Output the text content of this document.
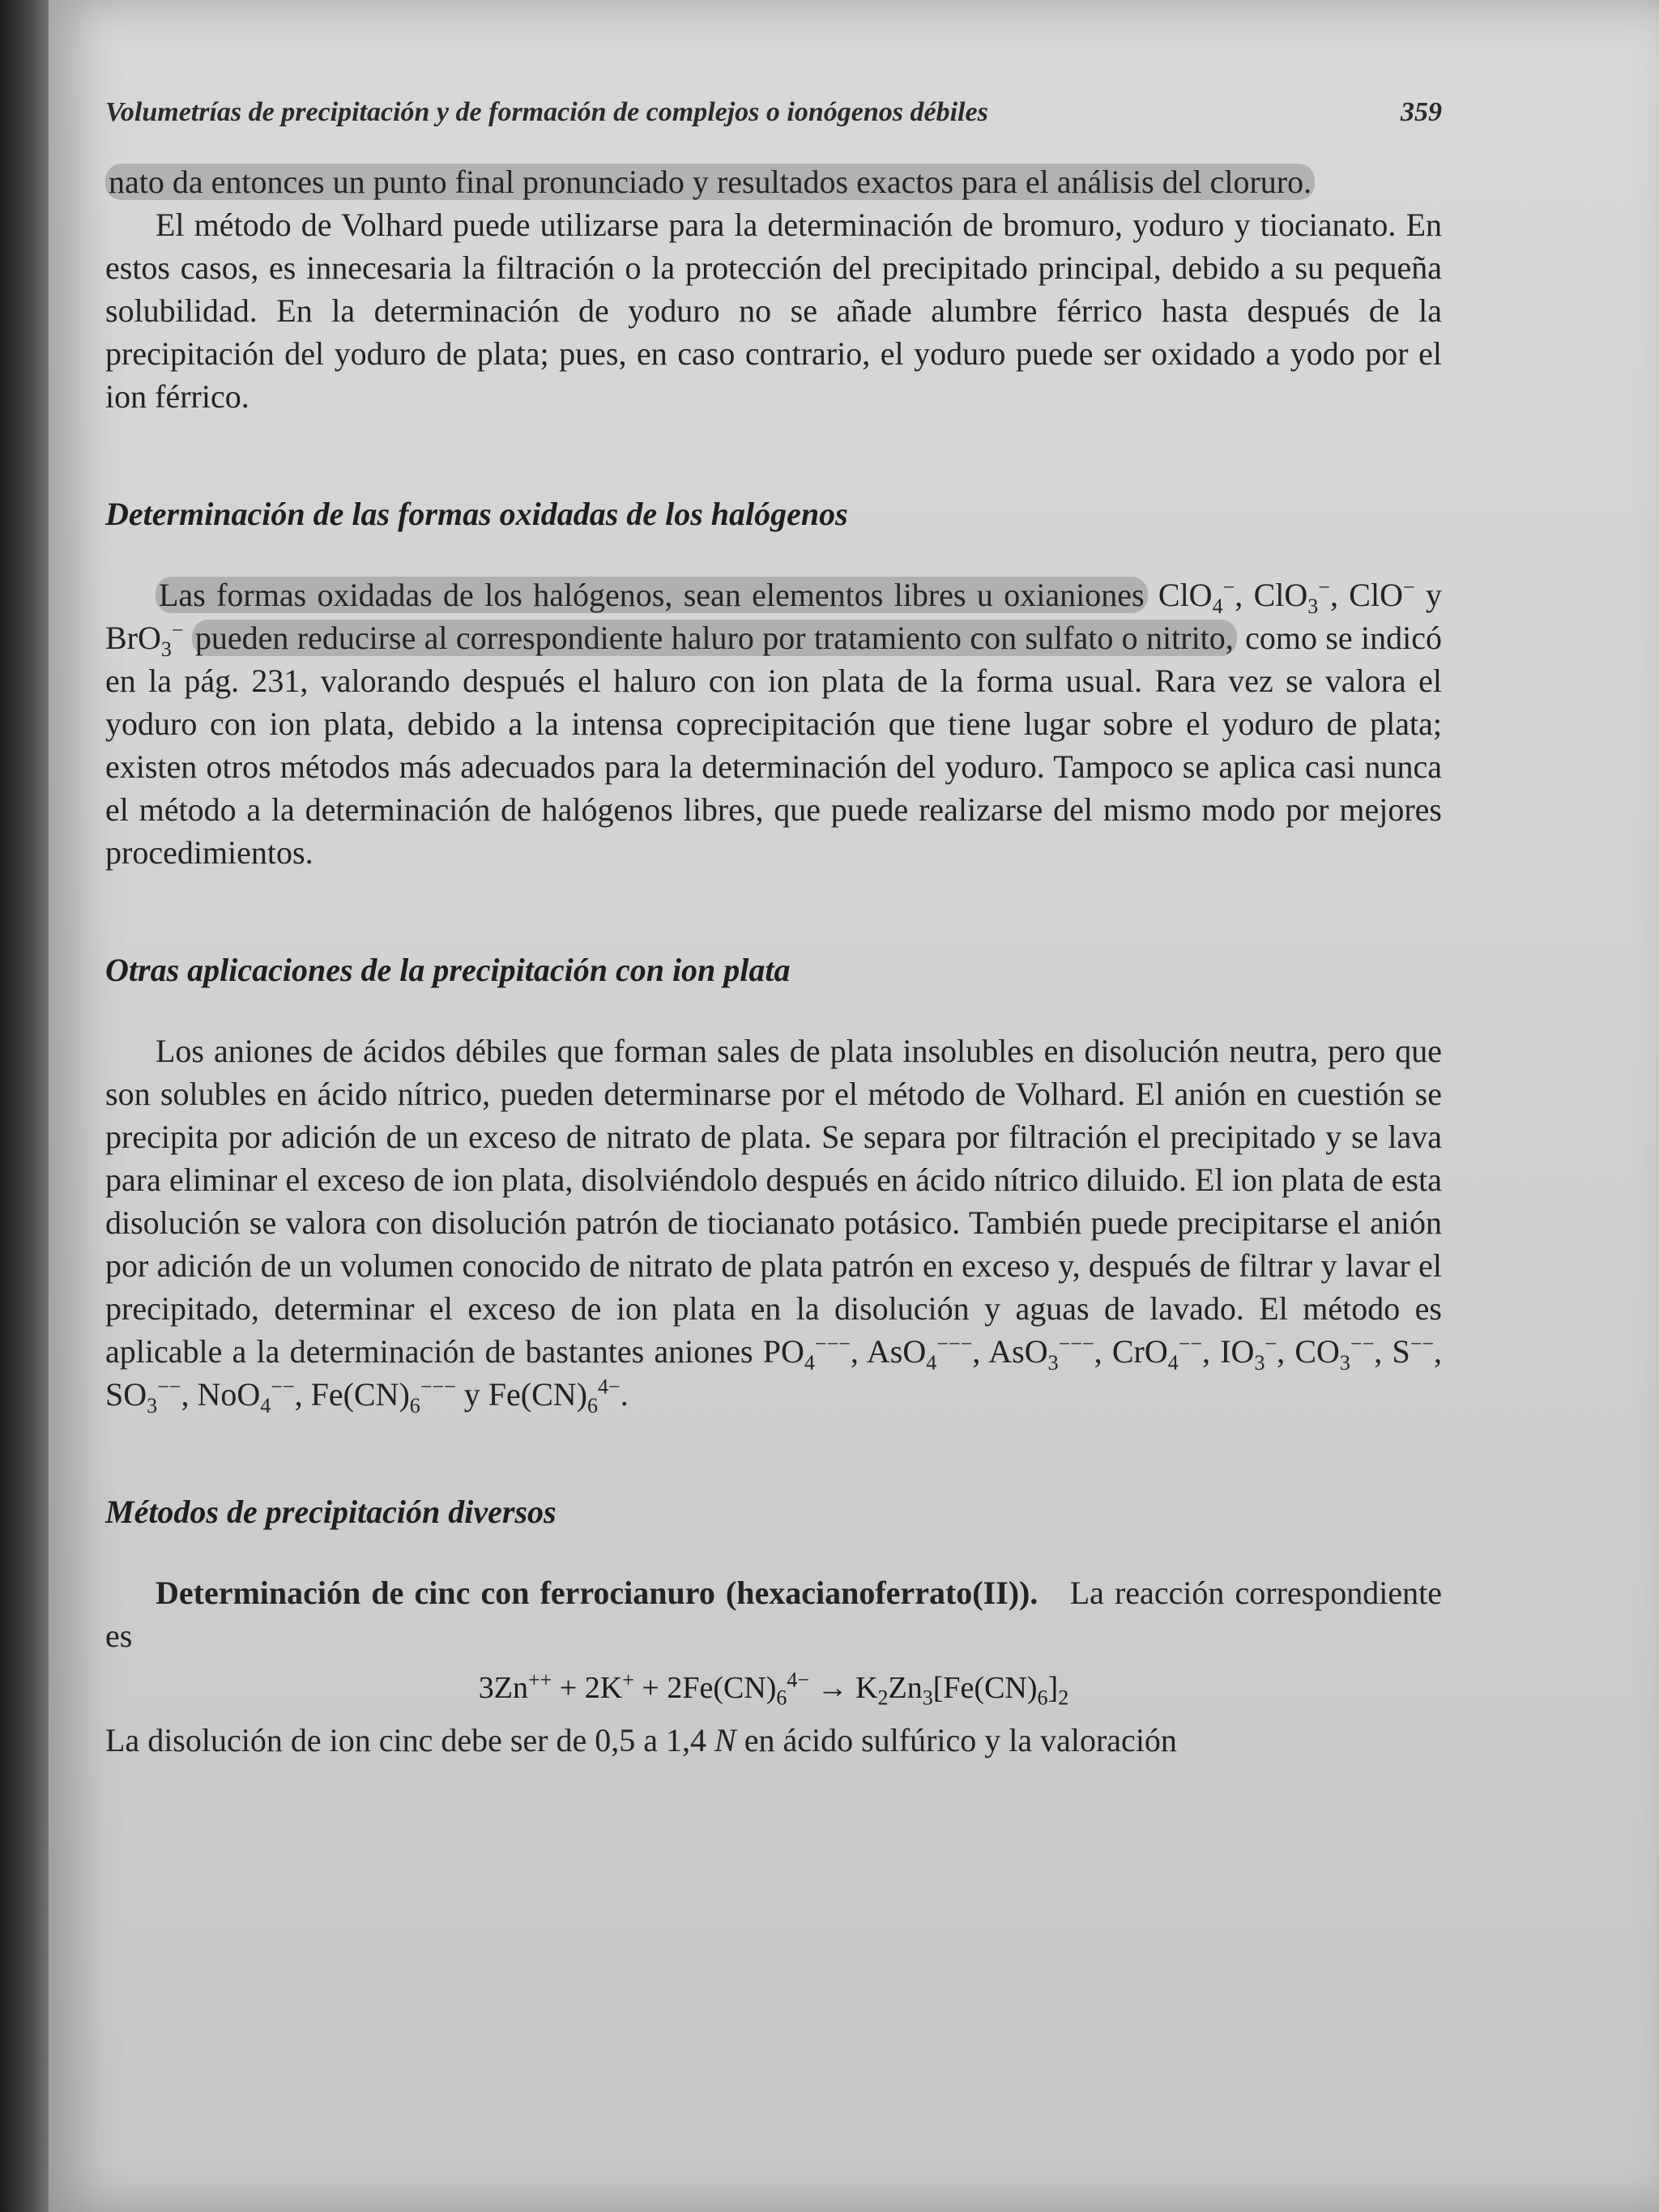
Volumetrías de precipitación y de formación de complejos o ionógenos débiles	359

nato da entonces un punto final pronunciado y resultados exactos para el análisis del cloruro.

El método de Volhard puede utilizarse para la determinación de bromuro, yoduro y tiocianato. En estos casos, es innecesaria la filtración o la protección del precipitado principal, debido a su pequeña solubilidad. En la determinación de yoduro no se añade alumbre férrico hasta después de la precipitación del yoduro de plata; pues, en caso contrario, el yoduro puede ser oxidado a yodo por el ion férrico.

Determinación de las formas oxidadas de los halógenos

Las formas oxidadas de los halógenos, sean elementos libres u oxianiones ClO$_4$−, ClO$_3$−, ClO− y BrO$_3$− pueden reducirse al correspondiente haluro por tratamiento con sulfato o nitrito, como se indicó en la pág. 231, valorando después el haluro con ion plata de la forma usual. Rara vez se valora el yoduro con ion plata, debido a la intensa coprecipitación que tiene lugar sobre el yoduro de plata; existen otros métodos más adecuados para la determinación del yoduro. Tampoco se aplica casi nunca el método a la determinación de halógenos libres, que puede realizarse del mismo modo por mejores procedimientos.

Otras aplicaciones de la precipitación con ion plata

Los aniones de ácidos débiles que forman sales de plata insolubles en disolución neutra, pero que son solubles en ácido nítrico, pueden determinarse por el método de Volhard. El anión en cuestión se precipita por adición de un exceso de nitrato de plata. Se separa por filtración el precipitado y se lava para eliminar el exceso de ion plata, disolviéndolo después en ácido nítrico diluido. El ion plata de esta disolución se valora con disolución patrón de tiocianato potásico. También puede precipitarse el anión por adición de un volumen conocido de nitrato de plata patrón en exceso y, después de filtrar y lavar el precipitado, determinar el exceso de ion plata en la disolución y aguas de lavado. El método es aplicable a la determinación de bastantes aniones $PO_4^{---}$, AsO$_4$−−−, AsO$_3$−−−, CrO$_4$−−, $IO_3^-$, $CO_3^{--}$, S−−, $SO_3^{--}$, NoO$_4$−−, $Fe(CN)_6^{---}$ y $Fe(CN)_6^{4-}$.

Métodos de precipitación diversos

Determinación de cinc con ferrocianuro (hexacianoferrato(II)). La reacción correspondiente es

$3Zn^{++} + 2K^+ + 2Fe(CN)_6^{4-} \to K_2Zn_3[Fe(CN)_6]_2$

La disolución de ion cinc debe ser de 0,5 a 1,4 N en ácido sulfúrico y la valoración
